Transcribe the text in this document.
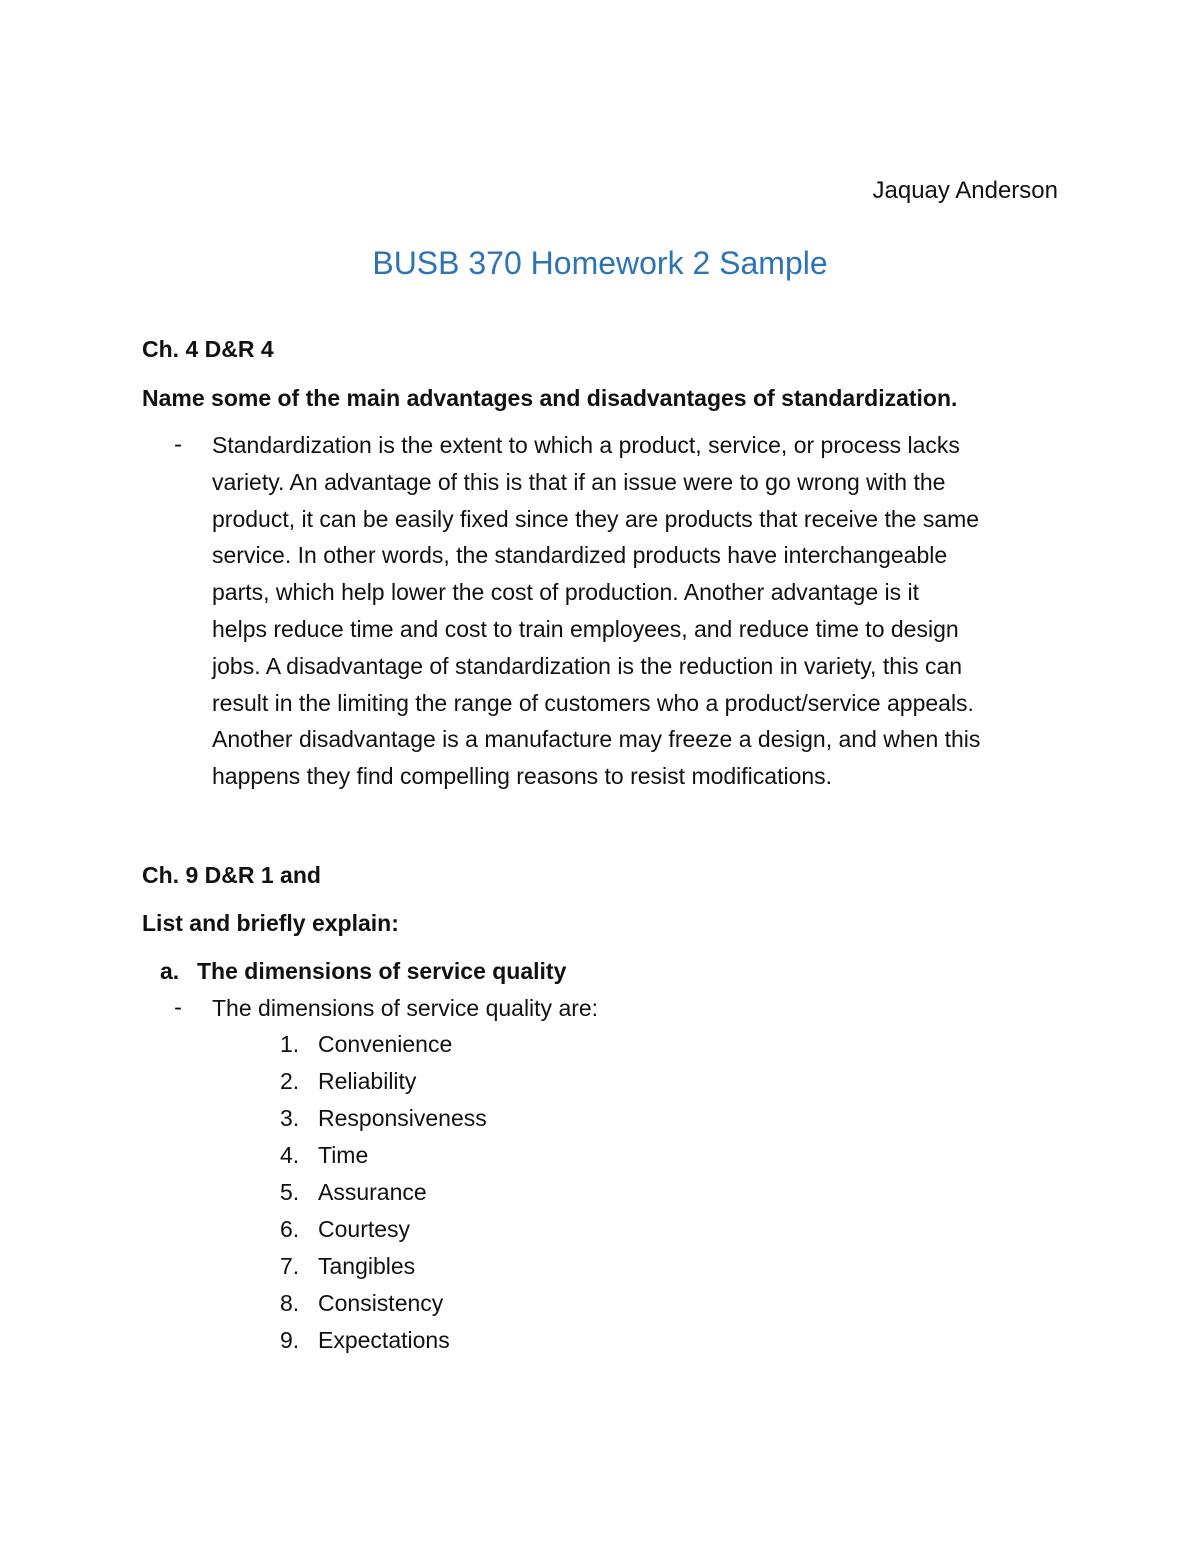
Jaquay Anderson
BUSB 370 Homework 2 Sample
Ch. 4 D&R 4
Name some of the main advantages and disadvantages of standardization.
- Standardization is the extent to which a product, service, or process lacks
variety. An advantage of this is that if an issue were to go wrong with the
product, it can be easily fixed since they are products that receive the same
service. In other words, the standardized products have interchangeable
parts, which help lower the cost of production. Another advantage is it
helps reduce time and cost to train employees, and reduce time to design
jobs. A disadvantage of standardization is the reduction in variety, this can
result in the limiting the range of customers who a product/service appeals.
Another disadvantage is a manufacture may freeze a design, and when this
happens they find compelling reasons to resist modifications.
Ch. 9 D&R 1 and
List and briefly explain:
a. The dimensions of service quality
- The dimensions of service quality are:
1. Convenience
2. Reliability
3. Responsiveness
4. Time
5. Assurance
6. Courtesy
7. Tangibles
8. Consistency
9. Expectations
